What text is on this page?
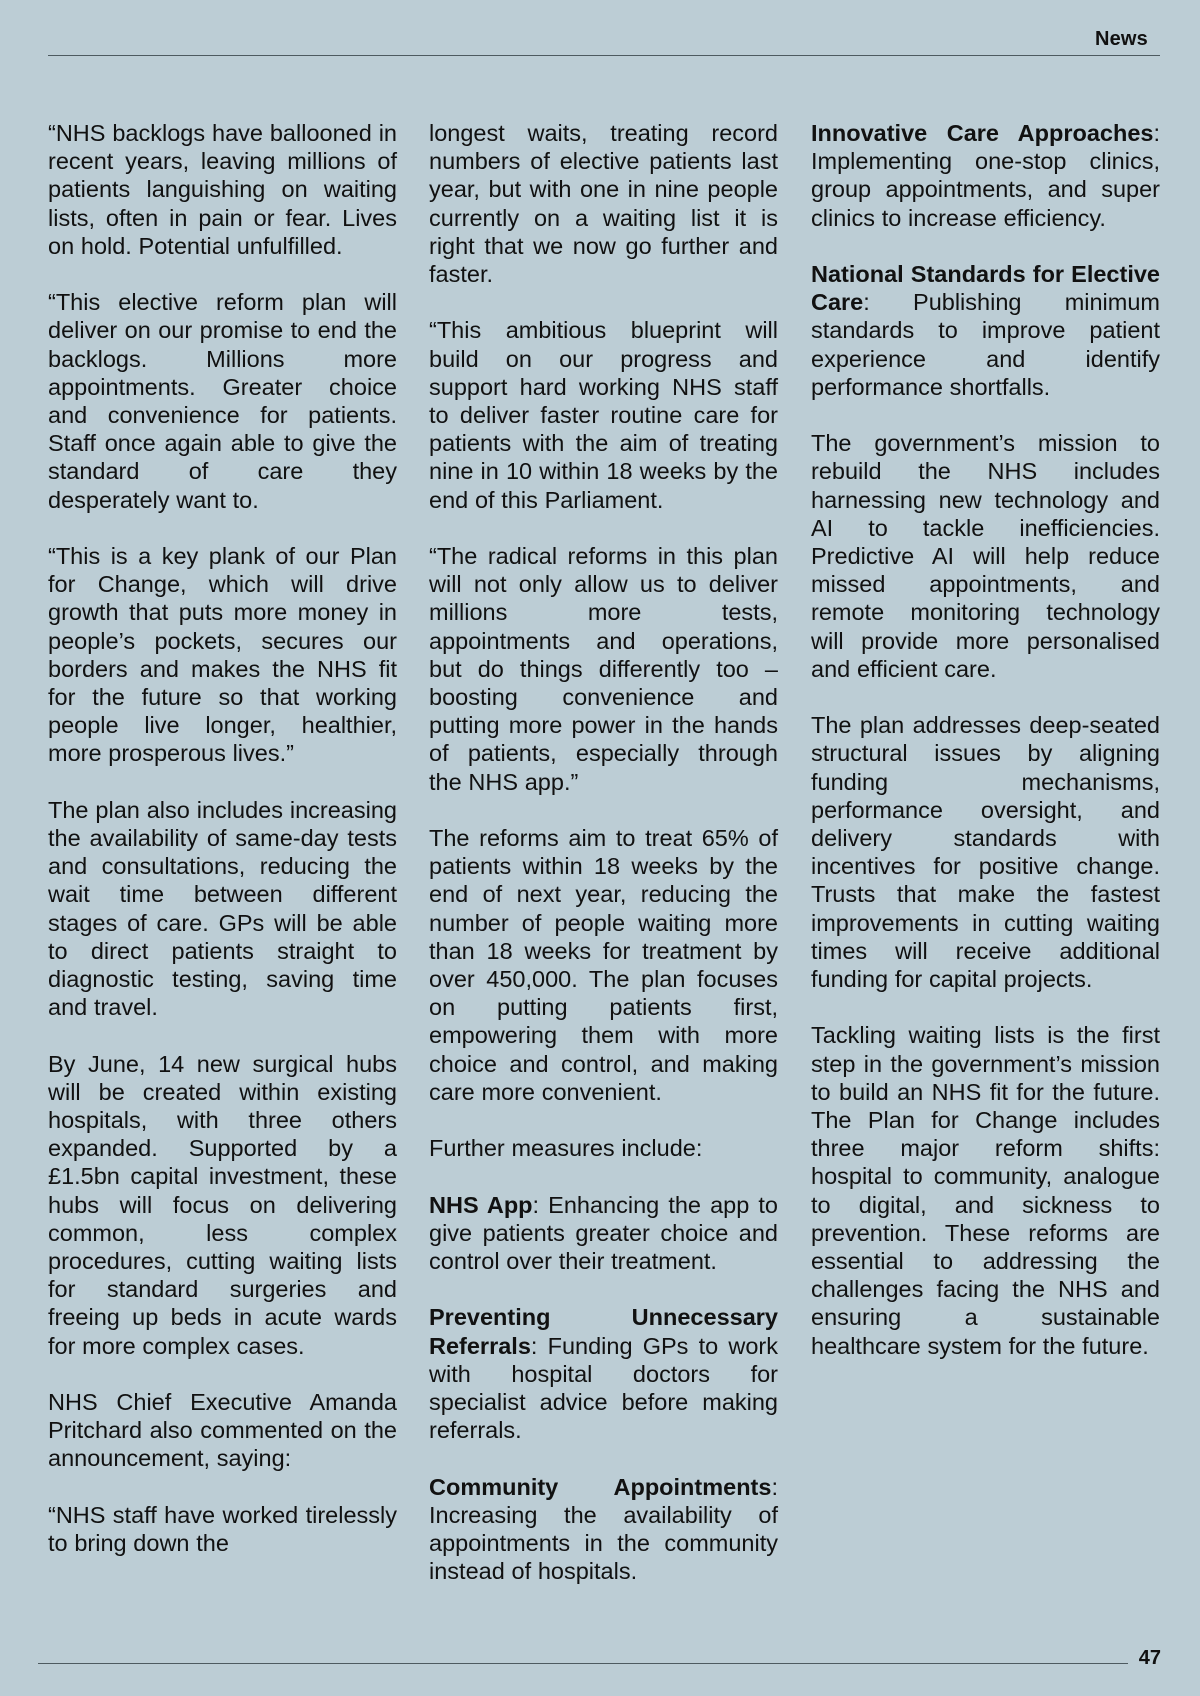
News

“NHS backlogs have ballooned in recent years, leaving millions of patients languishing on waiting lists, often in pain or fear. Lives on hold. Potential unfulfilled.

“This elective reform plan will deliver on our promise to end the backlogs. Millions more appointments. Greater choice and convenience for patients. Staff once again able to give the standard of care they desperately want to.

“This is a key plank of our Plan for Change, which will drive growth that puts more money in people’s pockets, secures our borders and makes the NHS fit for the future so that working people live longer, healthier, more prosperous lives.”

The plan also includes increasing the availability of same-day tests and consultations, reducing the wait time between different stages of care. GPs will be able to direct patients straight to diagnostic testing, saving time and travel.

By June, 14 new surgical hubs will be created within existing hospitals, with three others expanded. Supported by a £1.5bn capital investment, these hubs will focus on delivering common, less complex procedures, cutting waiting lists for standard surgeries and freeing up beds in acute wards for more complex cases.

NHS Chief Executive Amanda Pritchard also commented on the announcement, saying:

“NHS staff have worked tirelessly to bring down the

longest waits, treating record numbers of elective patients last year, but with one in nine people currently on a waiting list it is right that we now go further and faster.

“This ambitious blueprint will build on our progress and support hard working NHS staff to deliver faster routine care for patients with the aim of treating nine in 10 within 18 weeks by the end of this Parliament.

“The radical reforms in this plan will not only allow us to deliver millions more tests, appointments and operations, but do things differently too – boosting convenience and putting more power in the hands of patients, especially through the NHS app.”

The reforms aim to treat 65% of patients within 18 weeks by the end of next year, reducing the number of people waiting more than 18 weeks for treatment by over 450,000. The plan focuses on putting patients first, empowering them with more choice and control, and making care more convenient.

Further measures include:

NHS App: Enhancing the app to give patients greater choice and control over their treatment.

Preventing Unnecessary Referrals: Funding GPs to work with hospital doctors for specialist advice before making referrals.

Community Appointments: Increasing the availability of appointments in the community instead of hospitals.

Innovative Care Approaches: Implementing one-stop clinics, group appointments, and super clinics to increase efficiency.

National Standards for Elective Care: Publishing minimum standards to improve patient experience and identify performance shortfalls.

The government’s mission to rebuild the NHS includes harnessing new technology and AI to tackle inefficiencies. Predictive AI will help reduce missed appointments, and remote monitoring technology will provide more personalised and efficient care.

The plan addresses deep-seated structural issues by aligning funding mechanisms, performance oversight, and delivery standards with incentives for positive change. Trusts that make the fastest improvements in cutting waiting times will receive additional funding for capital projects.

Tackling waiting lists is the first step in the government’s mission to build an NHS fit for the future. The Plan for Change includes three major reform shifts: hospital to community, analogue to digital, and sickness to prevention. These reforms are essential to addressing the challenges facing the NHS and ensuring a sustainable healthcare system for the future.

47
